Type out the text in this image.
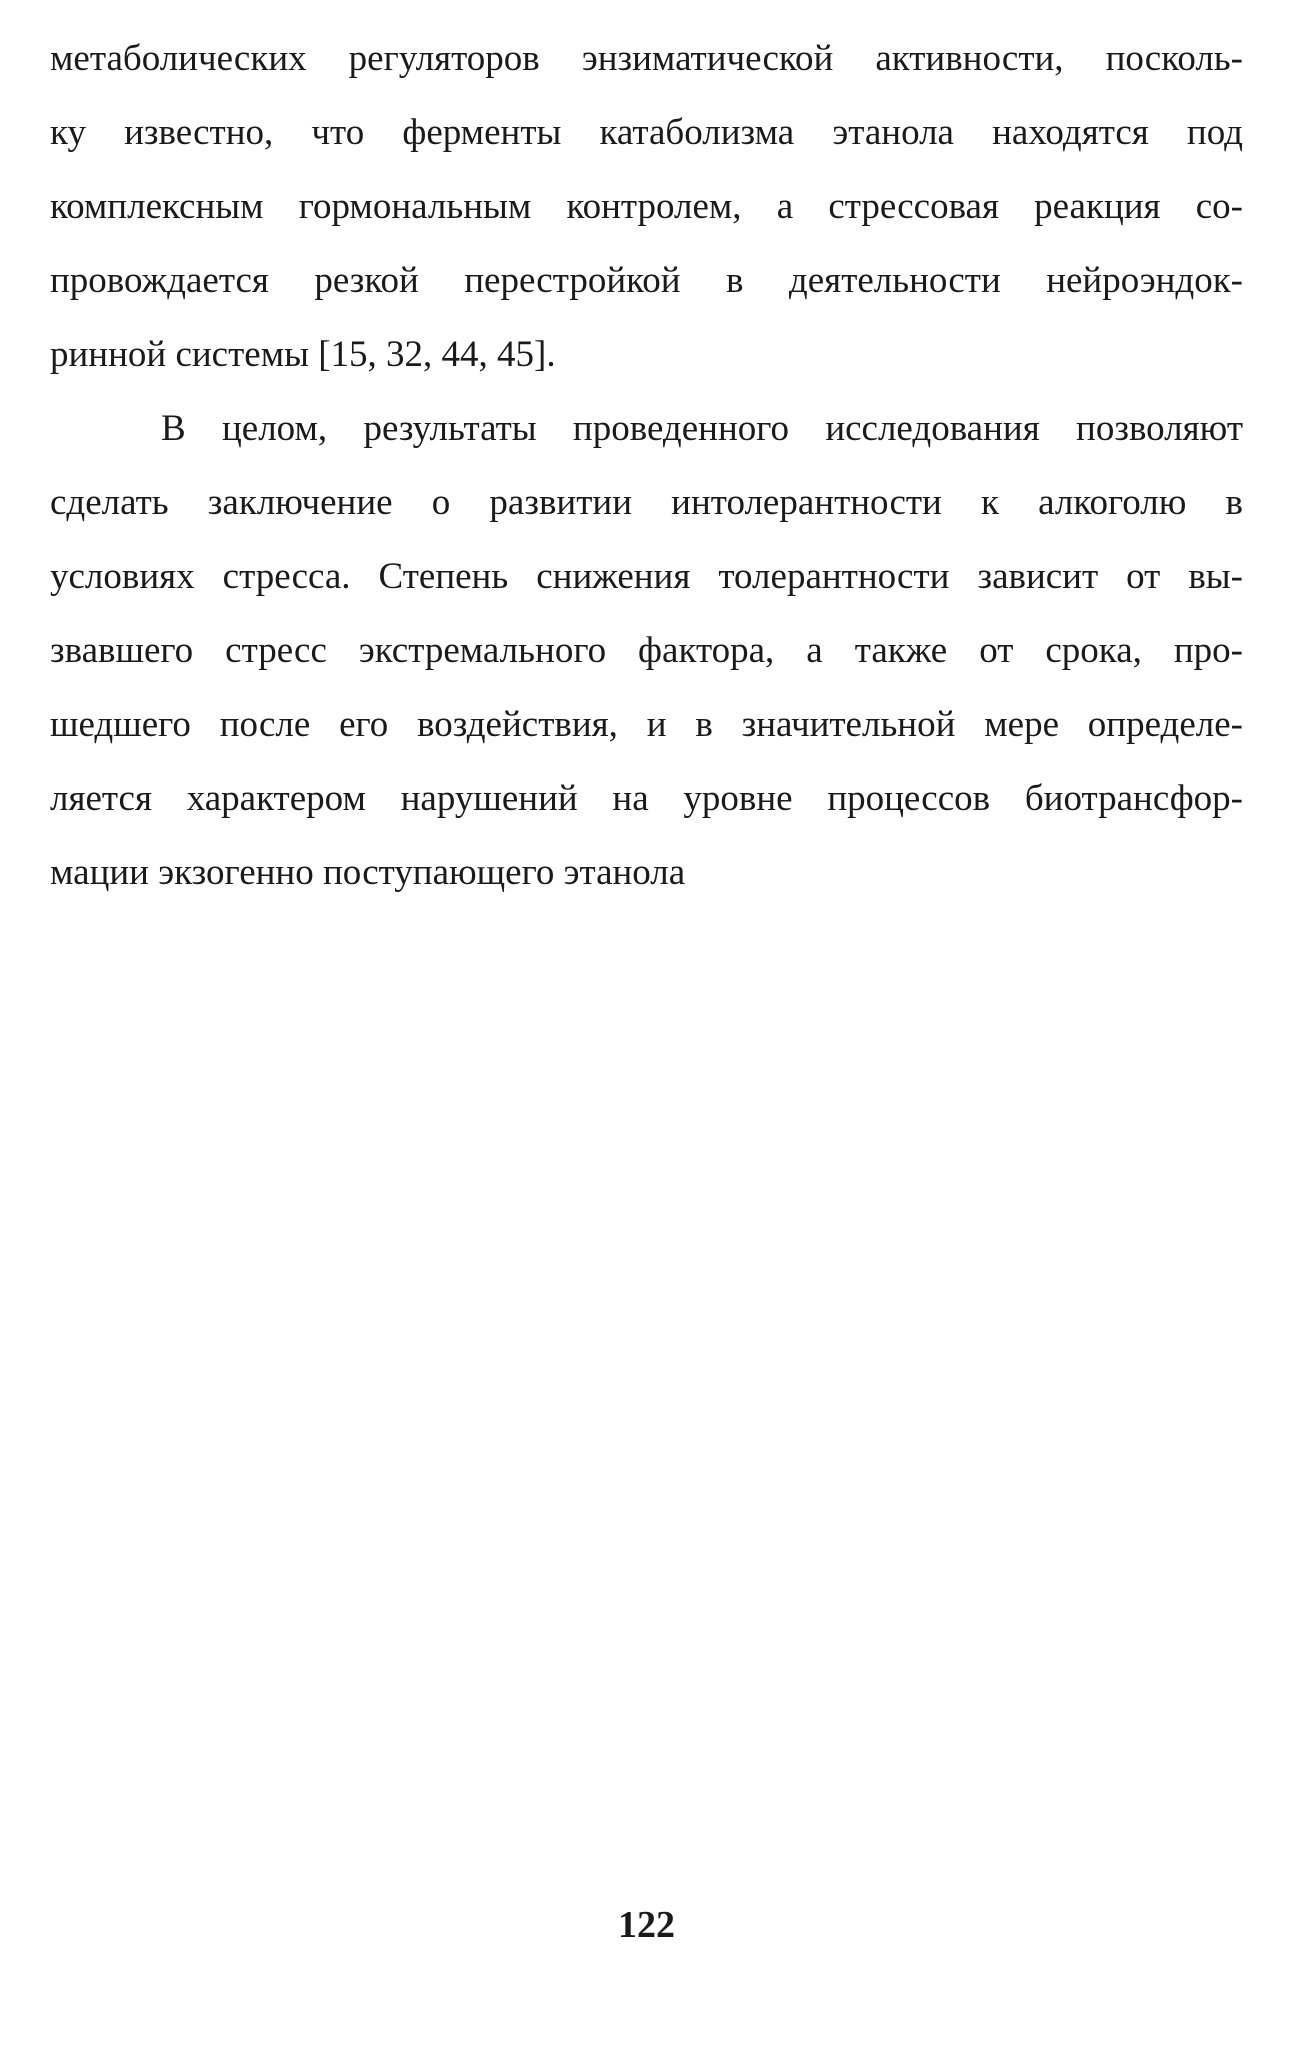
метаболических регуляторов энзиматической активности, посколь-
ку известно, что ферменты катаболизма этанола находятся под
комплексным гормональным контролем, а стрессовая реакция со-
провождается резкой перестройкой в деятельности нейроэндок-
ринной системы [15, 32, 44, 45].
В целом, результаты проведенного исследования позволяют
сделать заключение о развитии интолерантности к алкоголю в
условиях стресса. Степень снижения толерантности зависит от вы-
звавшего стресс экстремального фактора, а также от срока, про-
шедшего после его воздействия, и в значительной мере определе-
ляется характером нарушений на уровне процессов биотрансфор-
мации экзогенно поступающего этанола
122
